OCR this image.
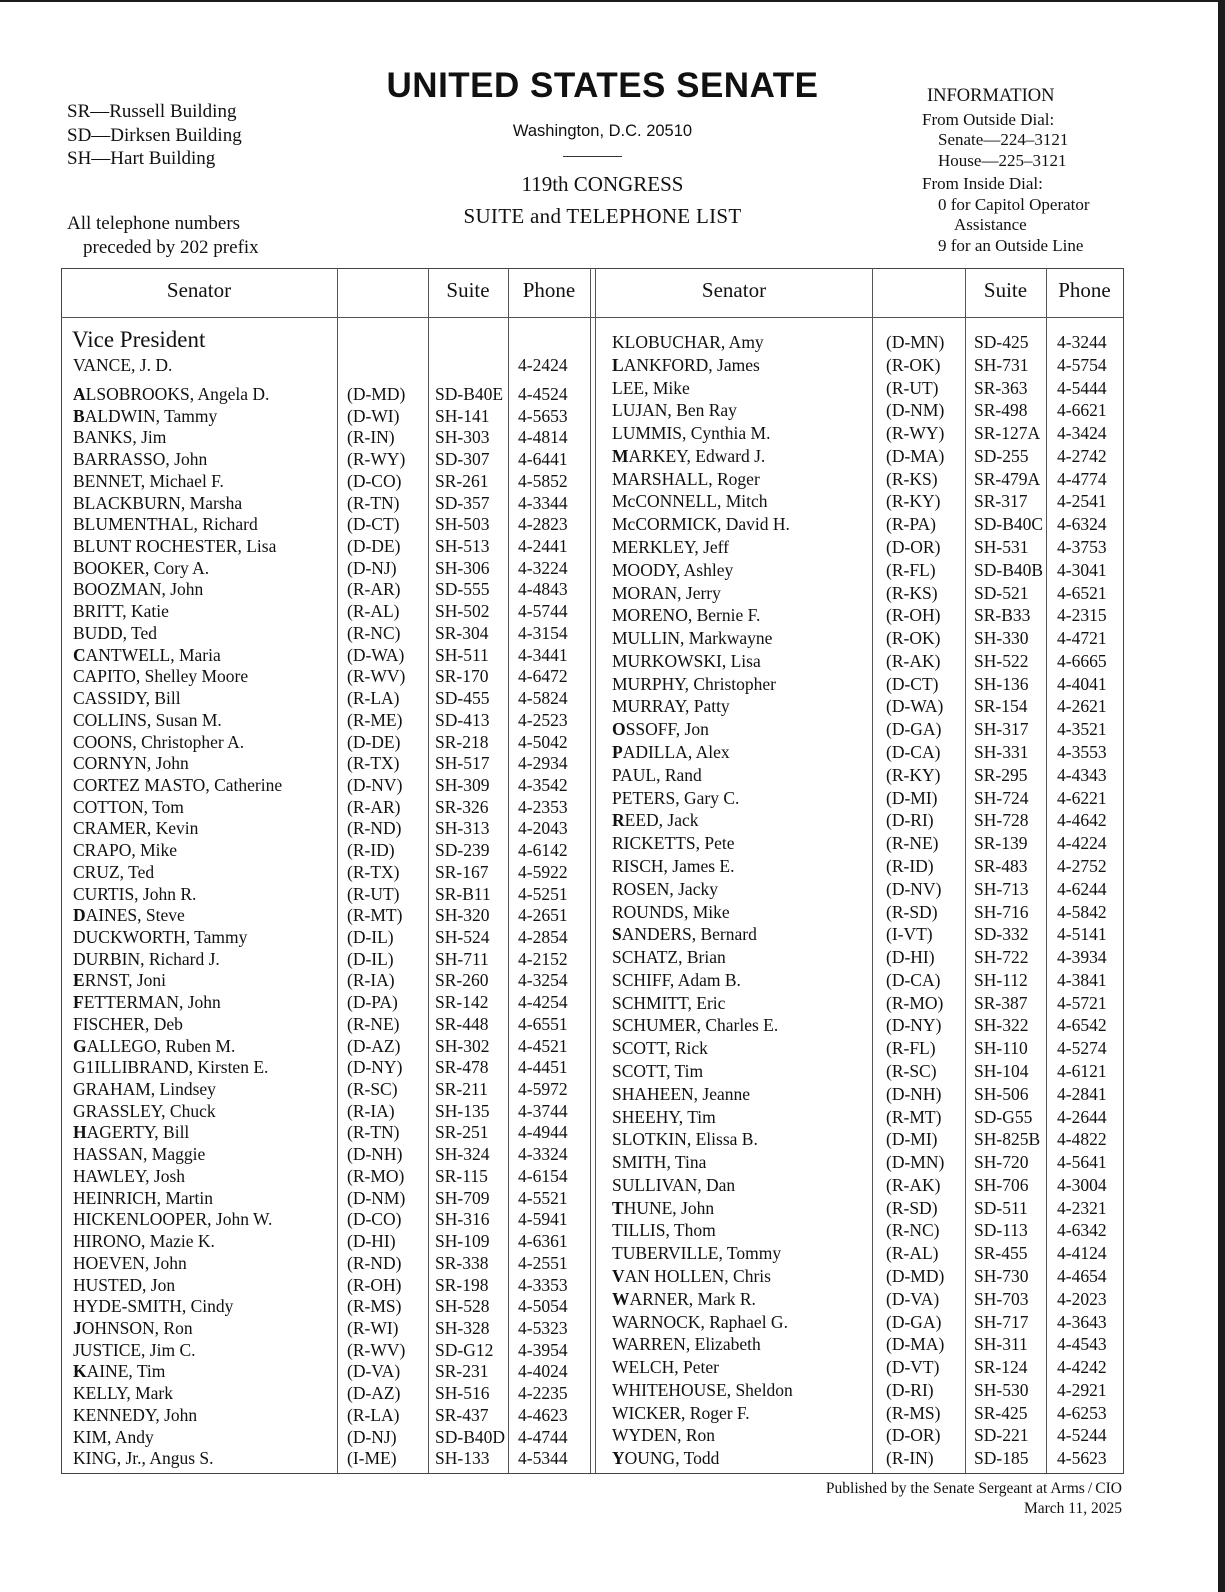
SR—Russell Building
SD—Dirksen Building
SH—Hart Building
All telephone numbers
preceded by 202 prefix
UNITED STATES SENATE
Washington, D.C. 20510
119th CONGRESS
SUITE and TELEPHONE LIST
INFORMATION
From Outside Dial:
Senate—224–3121
House—225–3121
From Inside Dial:
0 for Capitol Operator
Assistance
9 for an Outside Line
Senator	Suite	Phone	Senator	Suite	Phone
Vice President
VANCE, J. D.	4-2424
ALSOBROOKS, Angela D.	(D-MD) SD-B40E 4-4524
BALDWIN, Tammy	(D-WI) SH-141 4-5653
BANKS, Jim	(R-IN) SH-303 4-4814
BARRASSO, John	(R-WY) SD-307 4-6441
BENNET, Michael F.	(D-CO) SR-261 4-5852
BLACKBURN, Marsha	(R-TN) SD-357 4-3344
BLUMENTHAL, Richard	(D-CT) SH-503 4-2823
BLUNT ROCHESTER, Lisa	(D-DE) SH-513 4-2441
BOOKER, Cory A.	(D-NJ) SH-306 4-3224
BOOZMAN, John	(R-AR) SD-555 4-4843
BRITT, Katie	(R-AL) SH-502 4-5744
BUDD, Ted	(R-NC) SR-304 4-3154
CANTWELL, Maria	(D-WA) SH-511 4-3441
CAPITO, Shelley Moore	(R-WV) SR-170 4-6472
CASSIDY, Bill	(R-LA) SD-455 4-5824
COLLINS, Susan M.	(R-ME) SD-413 4-2523
COONS, Christopher A.	(D-DE) SR-218 4-5042
CORNYN, John	(R-TX) SH-517 4-2934
CORTEZ MASTO, Catherine	(D-NV) SH-309 4-3542
COTTON, Tom	(R-AR) SR-326 4-2353
CRAMER, Kevin	(R-ND) SH-313 4-2043
CRAPO, Mike	(R-ID) SD-239 4-6142
CRUZ, Ted	(R-TX) SR-167 4-5922
CURTIS, John R.	(R-UT) SR-B11 4-5251
DAINES, Steve	(R-MT) SH-320 4-2651
DUCKWORTH, Tammy	(D-IL) SH-524 4-2854
DURBIN, Richard J.	(D-IL) SH-711 4-2152
ERNST, Joni	(R-IA) SR-260 4-3254
FETTERMAN, John	(D-PA) SR-142 4-4254
FISCHER, Deb	(R-NE) SR-448 4-6551
GALLEGO, Ruben M.	(D-AZ) SH-302 4-4521
G1ILLIBRAND, Kirsten E.	(D-NY) SR-478 4-4451
GRAHAM, Lindsey	(R-SC) SR-211 4-5972
GRASSLEY, Chuck	(R-IA) SH-135 4-3744
HAGERTY, Bill	(R-TN) SR-251 4-4944
HASSAN, Maggie	(D-NH) SH-324 4-3324
HAWLEY, Josh	(R-MO) SR-115 4-6154
HEINRICH, Martin	(D-NM) SH-709 4-5521
HICKENLOOPER, John W.	(D-CO) SH-316 4-5941
HIRONO, Mazie K.	(D-HI) SH-109 4-6361
HOEVEN, John	(R-ND) SR-338 4-2551
HUSTED, Jon	(R-OH) SR-198 4-3353
HYDE-SMITH, Cindy	(R-MS) SH-528 4-5054
JOHNSON, Ron	(R-WI) SH-328 4-5323
JUSTICE, Jim C.	(R-WV) SD-G12 4-3954
KAINE, Tim	(D-VA) SR-231 4-4024
KELLY, Mark	(D-AZ) SH-516 4-2235
KENNEDY, John	(R-LA) SR-437 4-4623
KIM, Andy	(D-NJ) SD-B40D 4-4744
KING, Jr., Angus S.	(I-ME) SH-133 4-5344
KLOBUCHAR, Amy	(D-MN) SD-425 4-3244
LANKFORD, James	(R-OK) SH-731 4-5754
LEE, Mike	(R-UT) SR-363 4-5444
LUJAN, Ben Ray	(D-NM) SR-498 4-6621
LUMMIS, Cynthia M.	(R-WY) SR-127A 4-3424
MARKEY, Edward J.	(D-MA) SD-255 4-2742
MARSHALL, Roger	(R-KS) SR-479A 4-4774
McCONNELL, Mitch	(R-KY) SR-317 4-2541
McCORMICK, David H.	(R-PA) SD-B40C 4-6324
MERKLEY, Jeff	(D-OR) SH-531 4-3753
MOODY, Ashley	(R-FL) SD-B40B 4-3041
MORAN, Jerry	(R-KS) SD-521 4-6521
MORENO, Bernie F.	(R-OH) SR-B33 4-2315
MULLIN, Markwayne	(R-OK) SH-330 4-4721
MURKOWSKI, Lisa	(R-AK) SH-522 4-6665
MURPHY, Christopher	(D-CT) SH-136 4-4041
MURRAY, Patty	(D-WA) SR-154 4-2621
OSSOFF, Jon	(D-GA) SH-317 4-3521
PADILLA, Alex	(D-CA) SH-331 4-3553
PAUL, Rand	(R-KY) SR-295 4-4343
PETERS, Gary C.	(D-MI) SH-724 4-6221
REED, Jack	(D-RI) SH-728 4-4642
RICKETTS, Pete	(R-NE) SR-139 4-4224
RISCH, James E.	(R-ID) SR-483 4-2752
ROSEN, Jacky	(D-NV) SH-713 4-6244
ROUNDS, Mike	(R-SD) SH-716 4-5842
SANDERS, Bernard	(I-VT) SD-332 4-5141
SCHATZ, Brian	(D-HI) SH-722 4-3934
SCHIFF, Adam B.	(D-CA) SH-112 4-3841
SCHMITT, Eric	(R-MO) SR-387 4-5721
SCHUMER, Charles E.	(D-NY) SH-322 4-6542
SCOTT, Rick	(R-FL) SH-110 4-5274
SCOTT, Tim	(R-SC) SH-104 4-6121
SHAHEEN, Jeanne	(D-NH) SH-506 4-2841
SHEEHY, Tim	(R-MT) SD-G55 4-2644
SLOTKIN, Elissa B.	(D-MI) SH-825B 4-4822
SMITH, Tina	(D-MN) SH-720 4-5641
SULLIVAN, Dan	(R-AK) SH-706 4-3004
THUNE, John	(R-SD) SD-511 4-2321
TILLIS, Thom	(R-NC) SD-113 4-6342
TUBERVILLE, Tommy	(R-AL) SR-455 4-4124
VAN HOLLEN, Chris	(D-MD) SH-730 4-4654
WARNER, Mark R.	(D-VA) SH-703 4-2023
WARNOCK, Raphael G.	(D-GA) SH-717 4-3643
WARREN, Elizabeth	(D-MA) SH-311 4-4543
WELCH, Peter	(D-VT) SR-124 4-4242
WHITEHOUSE, Sheldon	(D-RI) SH-530 4-2921
WICKER, Roger F.	(R-MS) SR-425 4-6253
WYDEN, Ron	(D-OR) SD-221 4-5244
YOUNG, Todd	(R-IN) SD-185 4-5623
Published by the Senate Sergeant at Arms / CIO
March 11, 2025
